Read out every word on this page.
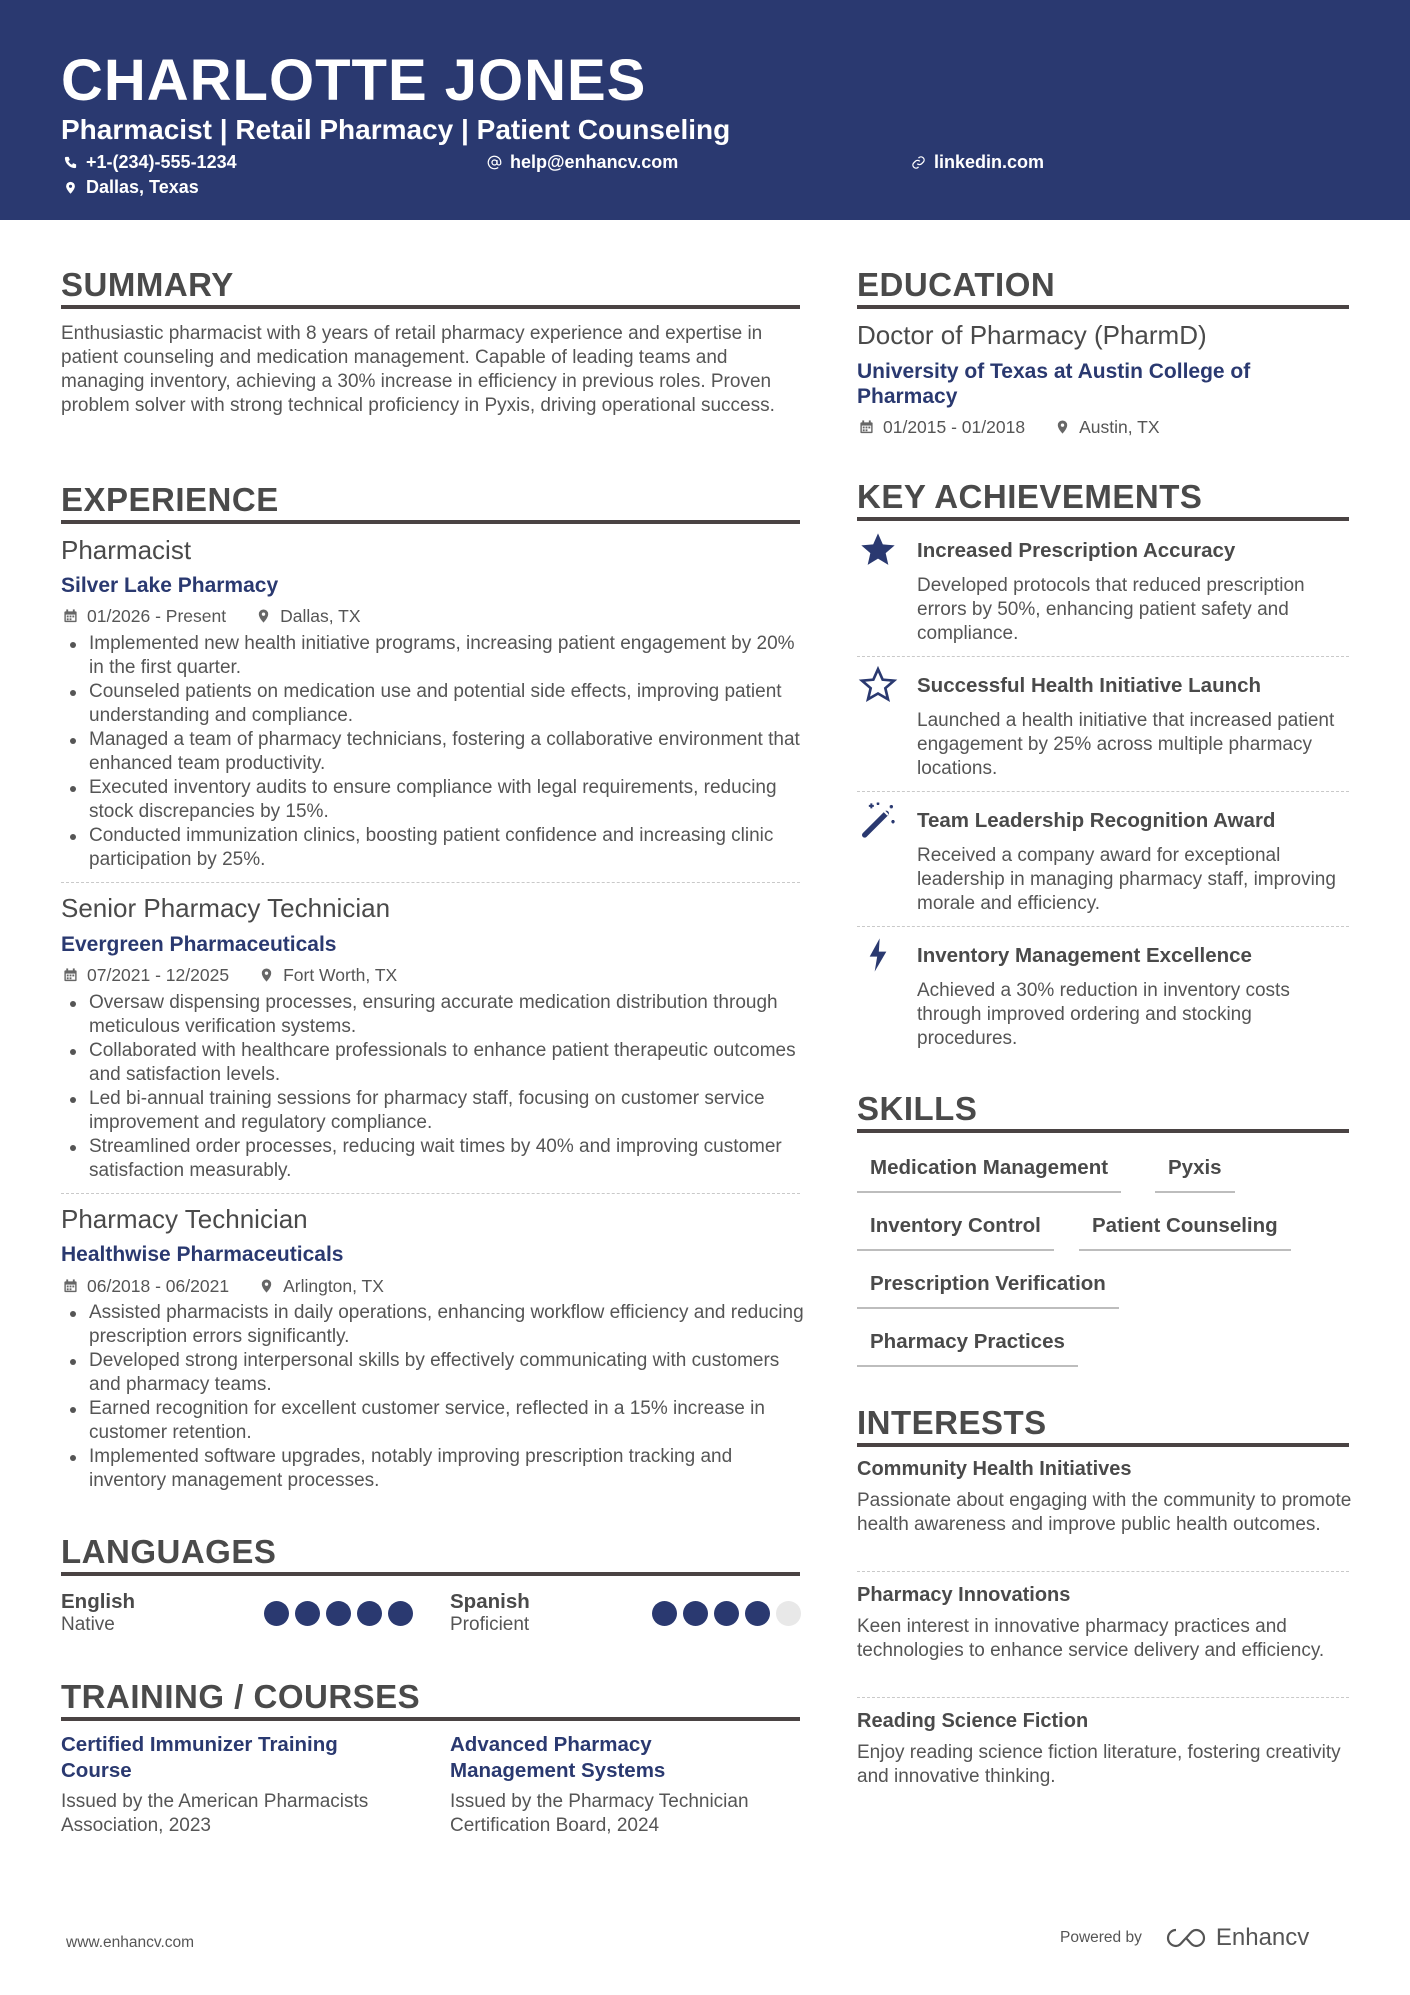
CHARLOTTE JONES
Pharmacist | Retail Pharmacy | Patient Counseling
+1-(234)-555-1234	help@enhancv.com	linkedin.com
Dallas, Texas
SUMMARY
Enthusiastic pharmacist with 8 years of retail pharmacy experience and expertise in patient counseling and medication management. Capable of leading teams and managing inventory, achieving a 30% increase in efficiency in previous roles. Proven problem solver with strong technical proficiency in Pyxis, driving operational success.
EXPERIENCE
Pharmacist
Silver Lake Pharmacy
01/2026 - Present	Dallas, TX
Implemented new health initiative programs, increasing patient engagement by 20% in the first quarter.
Counseled patients on medication use and potential side effects, improving patient understanding and compliance.
Managed a team of pharmacy technicians, fostering a collaborative environment that enhanced team productivity.
Executed inventory audits to ensure compliance with legal requirements, reducing stock discrepancies by 15%.
Conducted immunization clinics, boosting patient confidence and increasing clinic participation by 25%.
Senior Pharmacy Technician
Evergreen Pharmaceuticals
07/2021 - 12/2025	Fort Worth, TX
Oversaw dispensing processes, ensuring accurate medication distribution through meticulous verification systems.
Collaborated with healthcare professionals to enhance patient therapeutic outcomes and satisfaction levels.
Led bi-annual training sessions for pharmacy staff, focusing on customer service improvement and regulatory compliance.
Streamlined order processes, reducing wait times by 40% and improving customer satisfaction measurably.
Pharmacy Technician
Healthwise Pharmaceuticals
06/2018 - 06/2021	Arlington, TX
Assisted pharmacists in daily operations, enhancing workflow efficiency and reducing prescription errors significantly.
Developed strong interpersonal skills by effectively communicating with customers and pharmacy teams.
Earned recognition for excellent customer service, reflected in a 15% increase in customer retention.
Implemented software upgrades, notably improving prescription tracking and inventory management processes.
LANGUAGES
English
Native
Spanish
Proficient
TRAINING / COURSES
Certified Immunizer Training Course
Issued by the American Pharmacists Association, 2023
Advanced Pharmacy Management Systems
Issued by the Pharmacy Technician Certification Board, 2024
EDUCATION
Doctor of Pharmacy (PharmD)
University of Texas at Austin College of Pharmacy
01/2015 - 01/2018	Austin, TX
KEY ACHIEVEMENTS
Increased Prescription Accuracy
Developed protocols that reduced prescription errors by 50%, enhancing patient safety and compliance.
Successful Health Initiative Launch
Launched a health initiative that increased patient engagement by 25% across multiple pharmacy locations.
Team Leadership Recognition Award
Received a company award for exceptional leadership in managing pharmacy staff, improving morale and efficiency.
Inventory Management Excellence
Achieved a 30% reduction in inventory costs through improved ordering and stocking procedures.
SKILLS
Medication Management	Pyxis
Inventory Control	Patient Counseling
Prescription Verification
Pharmacy Practices
INTERESTS
Community Health Initiatives
Passionate about engaging with the community to promote health awareness and improve public health outcomes.
Pharmacy Innovations
Keen interest in innovative pharmacy practices and technologies to enhance service delivery and efficiency.
Reading Science Fiction
Enjoy reading science fiction literature, fostering creativity and innovative thinking.
www.enhancv.com	Powered by	Enhancv
